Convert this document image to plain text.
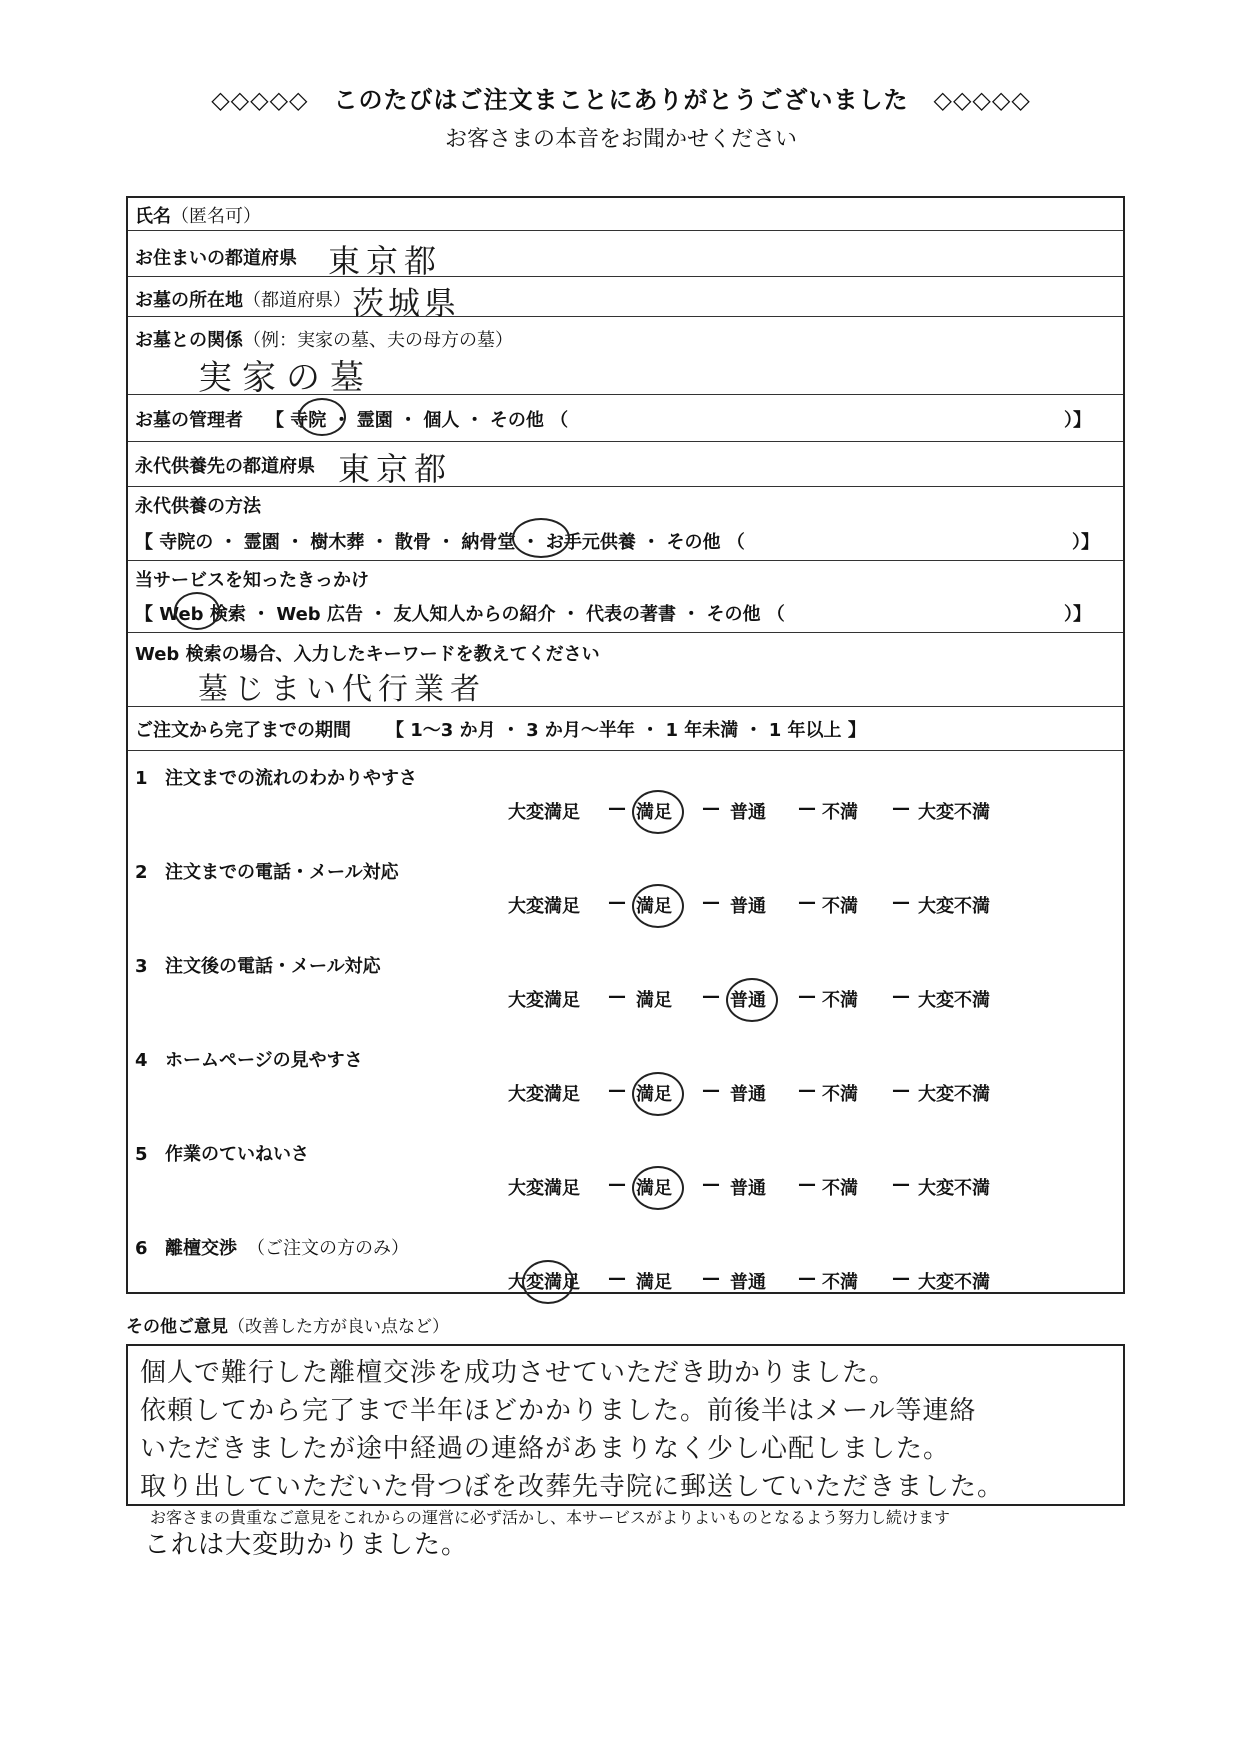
◇◇◇◇◇　このたびはご注文まことにありがとうございました　◇◇◇◇◇
お客さまの本音をお聞かせください
氏名（匿名可）
お住まいの都道府県 東京都
お墓の所在地（都道府県） 茨城県
お墓との関係（例：実家の墓、夫の母方の墓）
実家の墓
お墓の管理者 【 寺院 ・ 霊園 ・ 個人 ・ その他 （	）】
永代供養先の都道府県 東京都
永代供養の方法
【 寺院の ・ 霊園 ・ 樹木葬 ・ 散骨 ・ 納骨堂 ・ お手元供養 ・ その他 （	）】
当サービスを知ったきっかけ
【 Web 検索 ・ Web 広告 ・ 友人知人からの紹介 ・ 代表の著書 ・ その他 （	）】
Web 検索の場合、入力したキーワードを教えてください
墓じまい代行業者
ご注文から完了までの期間 【 1～3 か月 ・ 3 か月～半年 ・ 1 年未満 ・ 1 年以上 】
1 注文までの流れのわかりやすさ
大変満足	満足	普通	不満	大変不満
—	—	—	—
2 注文までの電話・メール対応
大変満足	満足	普通	不満	大変不満
—	—	—	—
3 注文後の電話・メール対応
大変満足	満足	普通	不満	大変不満
—	—	—	—
4 ホームページの見やすさ
大変満足	満足	普通	不満	大変不満
—	—	—	—
5 作業のていねいさ
大変満足	満足	普通	不満	大変不満
—	—	—	—
6 離檀交渉 （ご注文の方のみ）
大変満足	満足	普通	不満	大変不満
—	—	—	—
その他ご意見（改善した方が良い点など）
個人で難行した離檀交渉を成功させていただき助かりました。
依頼してから完了まで半年ほどかかりました。前後半はメール等連絡
いただきましたが途中経過の連絡があまりなく少し心配しました。
取り出していただいた骨つぼを改葬先寺院に郵送していただきました。
お客さまの貴重なご意見をこれからの運営に必ず活かし、本サービスがよりよいものとなるよう努力し続けます
これは大変助かりました。
